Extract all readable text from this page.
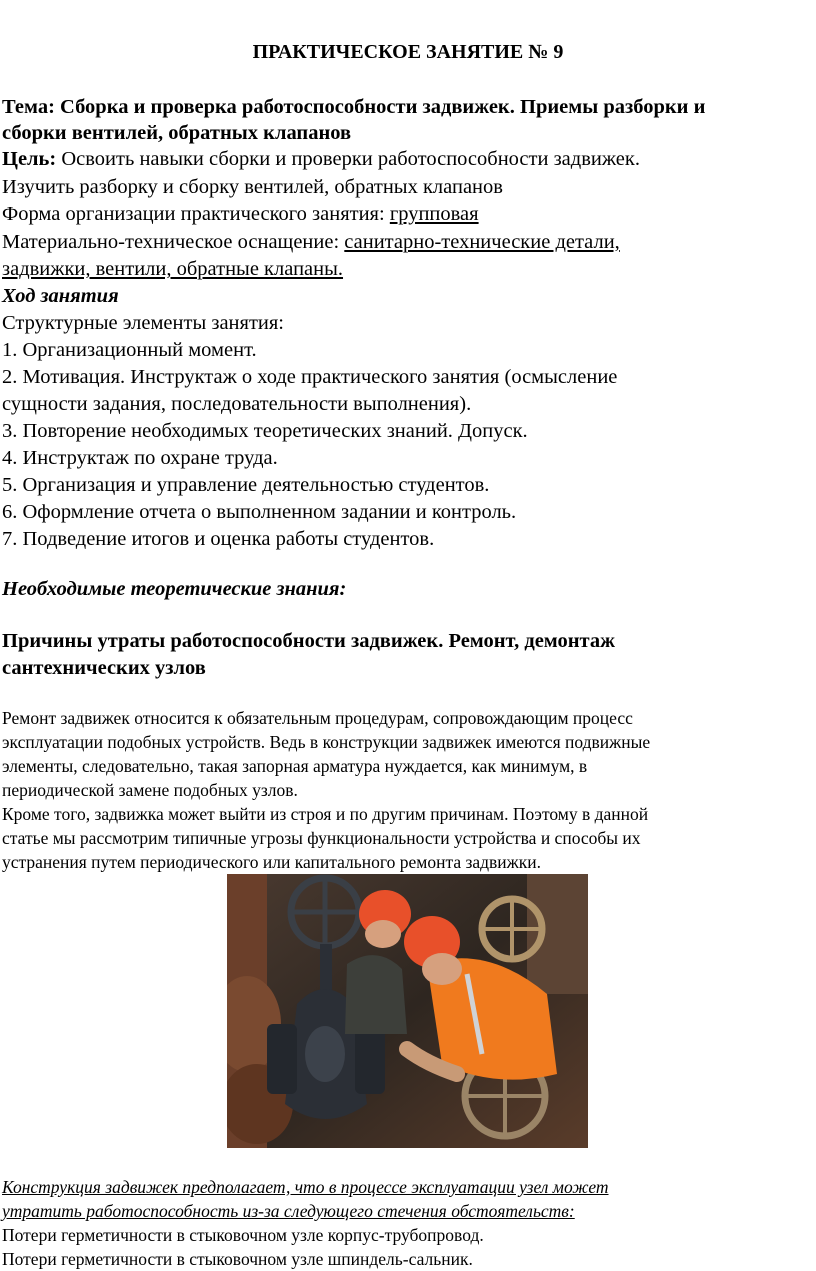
ПРАКТИЧЕСКОЕ ЗАНЯТИЕ № 9
Тема: Сборка и проверка работоспособности задвижек. Приемы разборки и
сборки вентилей, обратных клапанов
Цель: Освоить навыки сборки и проверки работоспособности задвижек.
Изучить разборку и сборку вентилей, обратных клапанов
Форма организации практического занятия: групповая
Материально-техническое оснащение: санитарно-технические детали,
задвижки, вентили, обратные клапаны.
Ход занятия
Структурные элементы занятия:
1. Организационный момент.
2. Мотивация. Инструктаж о ходе практического занятия (осмысление
сущности задания, последовательности выполнения).
3. Повторение необходимых теоретических знаний. Допуск.
4. Инструктаж по охране труда.
5. Организация и управление деятельностью студентов.
6. Оформление отчета о выполненном задании и контроль.
7. Подведение итогов и оценка работы студентов.
Необходимые теоретические знания:
Причины утраты работоспособности задвижек. Ремонт, демонтаж
сантехнических узлов
Ремонт задвижек относится к обязательным процедурам, сопровождающим процесс
эксплуатации подобных устройств. Ведь в конструкции задвижек имеются подвижные
элементы, следовательно, такая запорная арматура нуждается, как минимум, в
периодической замене подобных узлов.
Кроме того, задвижка может выйти из строя и по другим причинам. Поэтому в данной
статье мы рассмотрим типичные угрозы функциональности устройства и способы их
устранения путем периодического или капитального ремонта задвижки.
Конструкция задвижек предполагает, что в процессе эксплуатации узел может
утратить работоспособность из-за следующего стечения обстоятельств:
Потери герметичности в стыковочном узле корпус-трубопровод.
Потери герметичности в стыковочном узле шпиндель-сальник.
